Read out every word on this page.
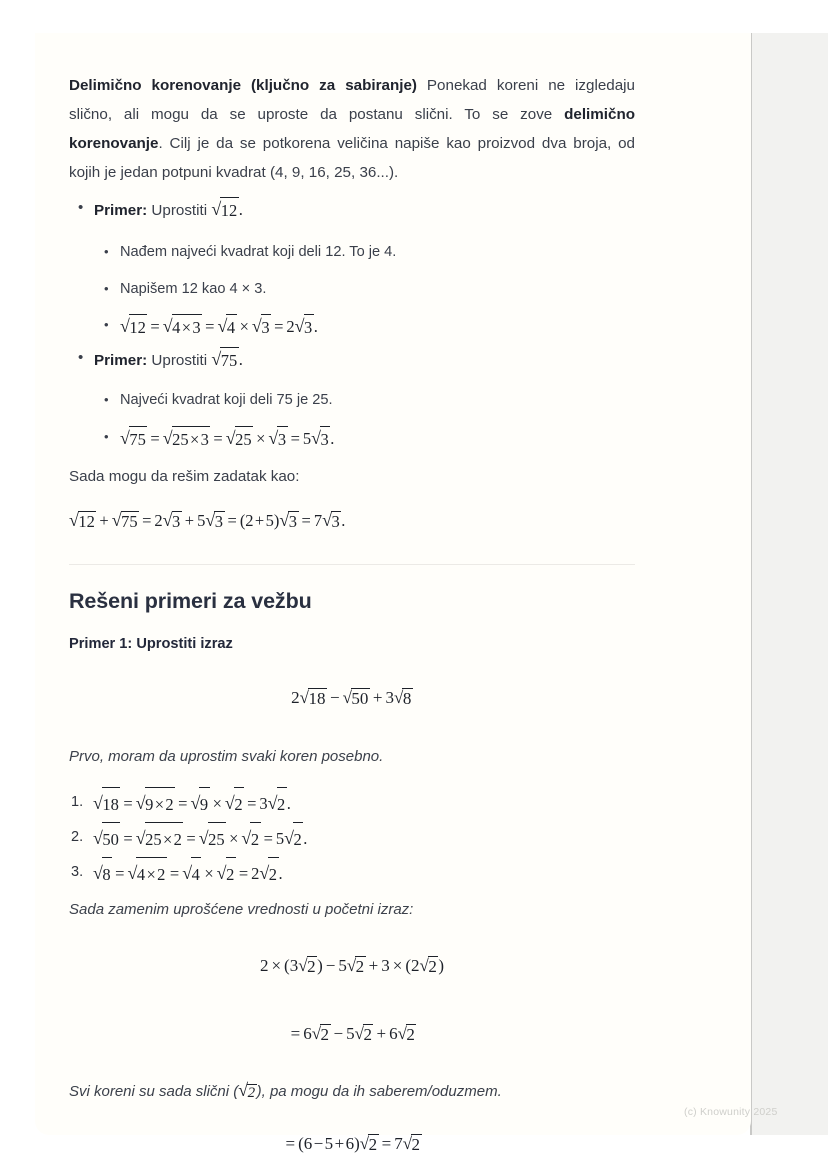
Delimično korenovanje (ključno za sabiranje) Ponekad koreni ne izgledaju slično, ali mogu da se uproste da postanu slični. To se zove delimično korenovanje. Cilj je da se potkorena veličina napiše kao proizvod dva broja, od kojih je jedan potpuni kvadrat (4, 9, 16, 25, 36...).

• Primer: Uprostiti √12.
• Nađem najveći kvadrat koji deli 12. To je 4.
• Napišem 12 kao 4 × 3.
• √12 = √4 × 3 = √4 × √3 = 2√3.
• Primer: Uprostiti √75.
• Najveći kvadrat koji deli 75 je 25.
• √75 = √25 × 3 = √25 × √3 = 5√3.

Sada mogu da rešim zadatak kao:

√12 + √75 = 2√3 + 5√3 = (2 + 5)√3 = 7√3.
Rešeni primeri za vežbu
Primer 1: Uprostiti izraz
2√18 − √50 + 3√8
Prvo, moram da uprostim svaki koren posebno.
√18 = √9 × 2 = √9 × √2 = 3√2.
√50 = √25 × 2 = √25 × √2 = 5√2.
√8 = √4 × 2 = √4 × √2 = 2√2.
Sada zamenim uprošćene vrednosti u početni izraz:
2 × (3√2) − 5√2 + 3 × (2√2)
= 6√2 − 5√2 + 6√2
Svi koreni su sada slični (√2 ), pa mogu da ih saberem/oduzmem.
= (6 − 5 + 6)√2 = 7√2
(c) Knowunity 2025
